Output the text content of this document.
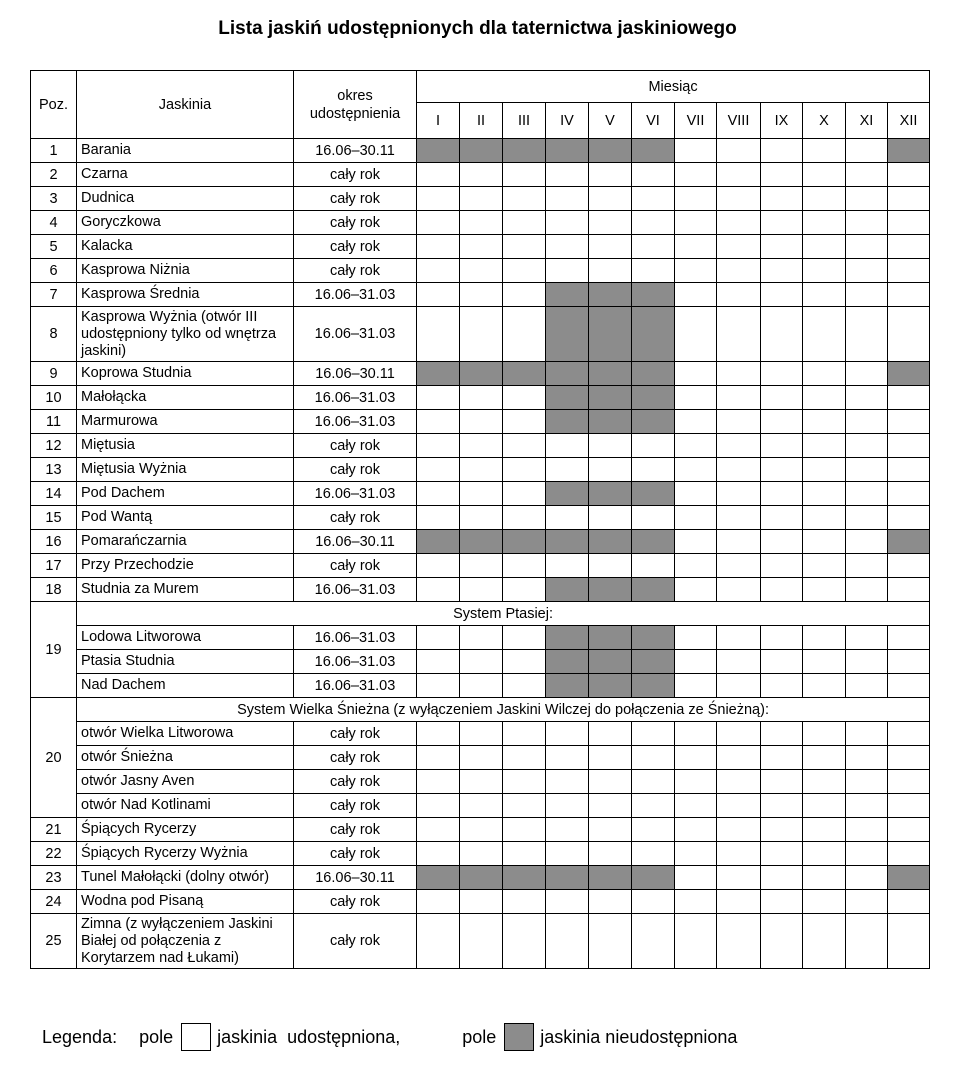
Lista jaskiń udostępnionych dla taternictwa jaskiniowego
Poz.	Jaskinia	okres udostępnienia	Miesiąc											
			I	II	III	IV	V	VI	VII	VIII	IX	X	XI	XII
1	Barania	16.06–30.11												
2	Czarna	cały rok												
3	Dudnica	cały rok												
4	Goryczkowa	cały rok												
5	Kalacka	cały rok												
6	Kasprowa Niżnia	cały rok												
7	Kasprowa Średnia	16.06–31.03												
8	Kasprowa Wyżnia (otwór III udostępniony tylko od wnętrza jaskini)	16.06–31.03												
9	Koprowa Studnia	16.06–30.11												
10	Małołącka	16.06–31.03												
11	Marmurowa	16.06–31.03												
12	Miętusia	cały rok												
13	Miętusia Wyżnia	cały rok												
14	Pod Dachem	16.06–31.03												
15	Pod Wantą	cały rok												
16	Pomarańczarnia	16.06–30.11												
17	Przy Przechodzie	cały rok												
18	Studnia za Murem	16.06–31.03												
19	System Ptasiej:													
	Lodowa Litworowa	16.06–31.03												
	Ptasia Studnia	16.06–31.03												
	Nad Dachem	16.06–31.03												
20	System Wielka Śnieżna (z wyłączeniem Jaskini Wilczej do połączenia ze Śnieżną):													
	otwór Wielka Litworowa	cały rok												
	otwór Śnieżna	cały rok												
	otwór Jasny Aven	cały rok												
	otwór Nad Kotlinami	cały rok												
21	Śpiących Rycerzy	cały rok												
22	Śpiących Rycerzy Wyżnia	cały rok												
23	Tunel Małołącki (dolny otwór)	16.06–30.11												
24	Wodna pod Pisaną	cały rok												
25	Zimna (z wyłączeniem Jaskini Białej od połączenia z Korytarzem nad Łukami)	cały rok												
Legenda: pole jaskinia  udostępniona,	pole jaskinia nieudostępniona
